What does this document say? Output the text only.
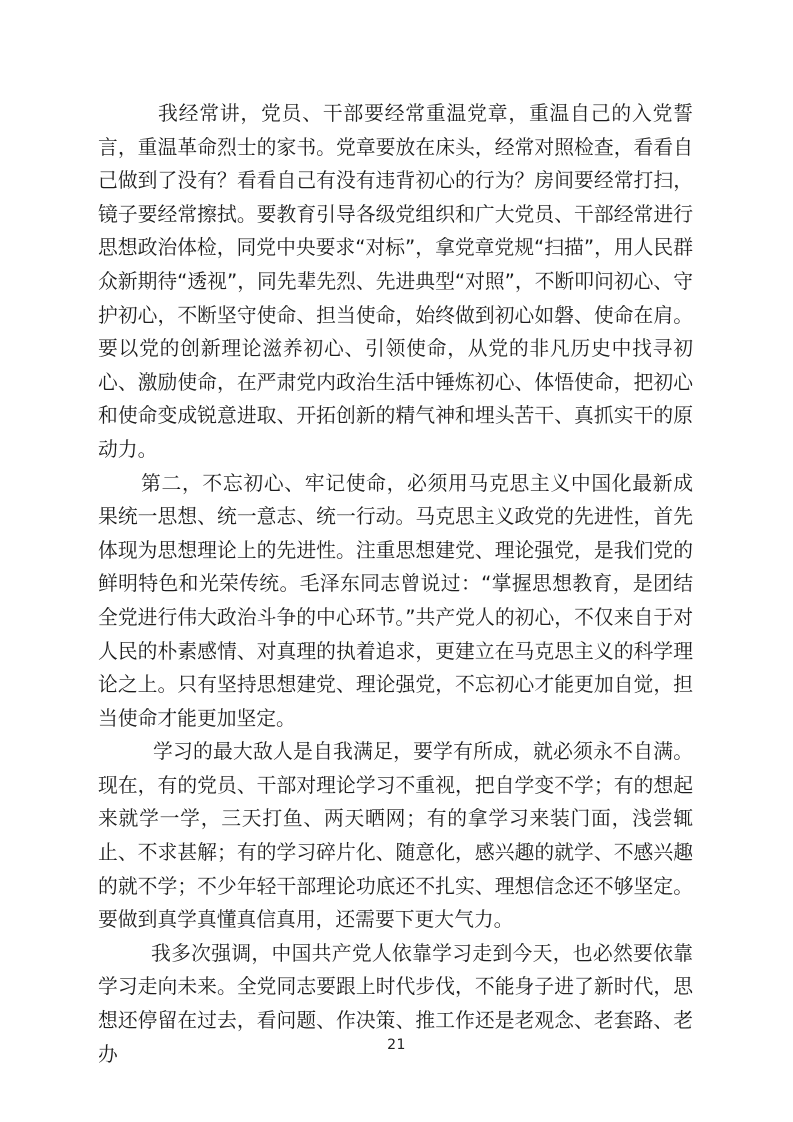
我经常讲，党员、干部要经常重温党章，重温自己的入党誓言，重温革命烈士的家书。党章要放在床头，经常对照检查，看看自己做到了没有？看看自己有没有违背初心的行为？房间要经常打扫，镜子要经常擦拭。要教育引导各级党组织和广大党员、干部经常进行思想政治体检，同党中央要求“对标”，拿党章党规“扫描”，用人民群众新期待“透视”，同先辈先烈、先进典型“对照”，不断叩问初心、守护初心，不断坚守使命、担当使命，始终做到初心如磐、使命在肩。要以党的创新理论滋养初心、引领使命，从党的非凡历史中找寻初心、激励使命，在严肃党内政治生活中锤炼初心、体悟使命，把初心和使命变成锐意进取、开拓创新的精气神和埋头苦干、真抓实干的原动力。

第二，不忘初心、牢记使命，必须用马克思主义中国化最新成果统一思想、统一意志、统一行动。马克思主义政党的先进性，首先体现为思想理论上的先进性。注重思想建党、理论强党，是我们党的鲜明特色和光荣传统。毛泽东同志曾说过：“掌握思想教育，是团结全党进行伟大政治斗争的中心环节。”共产党人的初心，不仅来自于对人民的朴素感情、对真理的执着追求，更建立在马克思主义的科学理论之上。只有坚持思想建党、理论强党，不忘初心才能更加自觉，担当使命才能更加坚定。

学习的最大敌人是自我满足，要学有所成，就必须永不自满。现在，有的党员、干部对理论学习不重视，把自学变不学；有的想起来就学一学，三天打鱼、两天晒网；有的拿学习来装门面，浅尝辄止、不求甚解；有的学习碎片化、随意化，感兴趣的就学、不感兴趣的就不学；不少年轻干部理论功底还不扎实、理想信念还不够坚定。要做到真学真懂真信真用，还需要下更大气力。

我多次强调，中国共产党人依靠学习走到今天，也必然要依靠学习走向未来。全党同志要跟上时代步伐，不能身子进了新时代，思想还停留在过去，看问题、作决策、推工作还是老观念、老套路、老办	21
